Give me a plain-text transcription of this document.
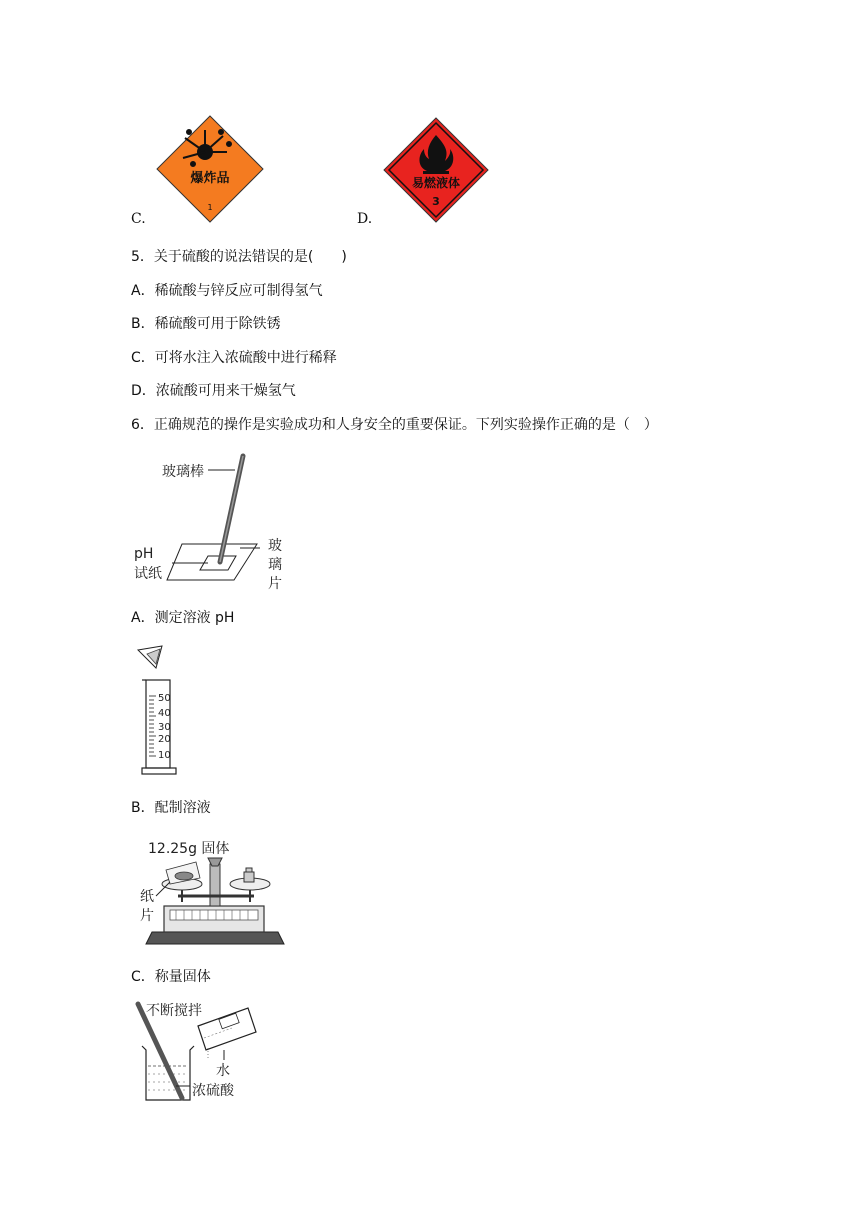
C.
爆炸品
1
D.
易燃液体
3
5．关于硫酸的说法错误的是(　　)
A．稀硫酸与锌反应可制得氢气
B．稀硫酸可用于除铁锈
C．可将水注入浓硫酸中进行稀释
D．浓硫酸可用来干燥氢气
6．正确规范的操作是实验成功和人身安全的重要保证。下列实验操作正确的是（　）
玻璃棒
pH
试纸
玻
璃
片
A．测定溶液 pH
50
40
30
20
10
B．配制溶液
12.25g 固体
纸
片
C．称量固体
不断搅拌
水
浓硫酸
